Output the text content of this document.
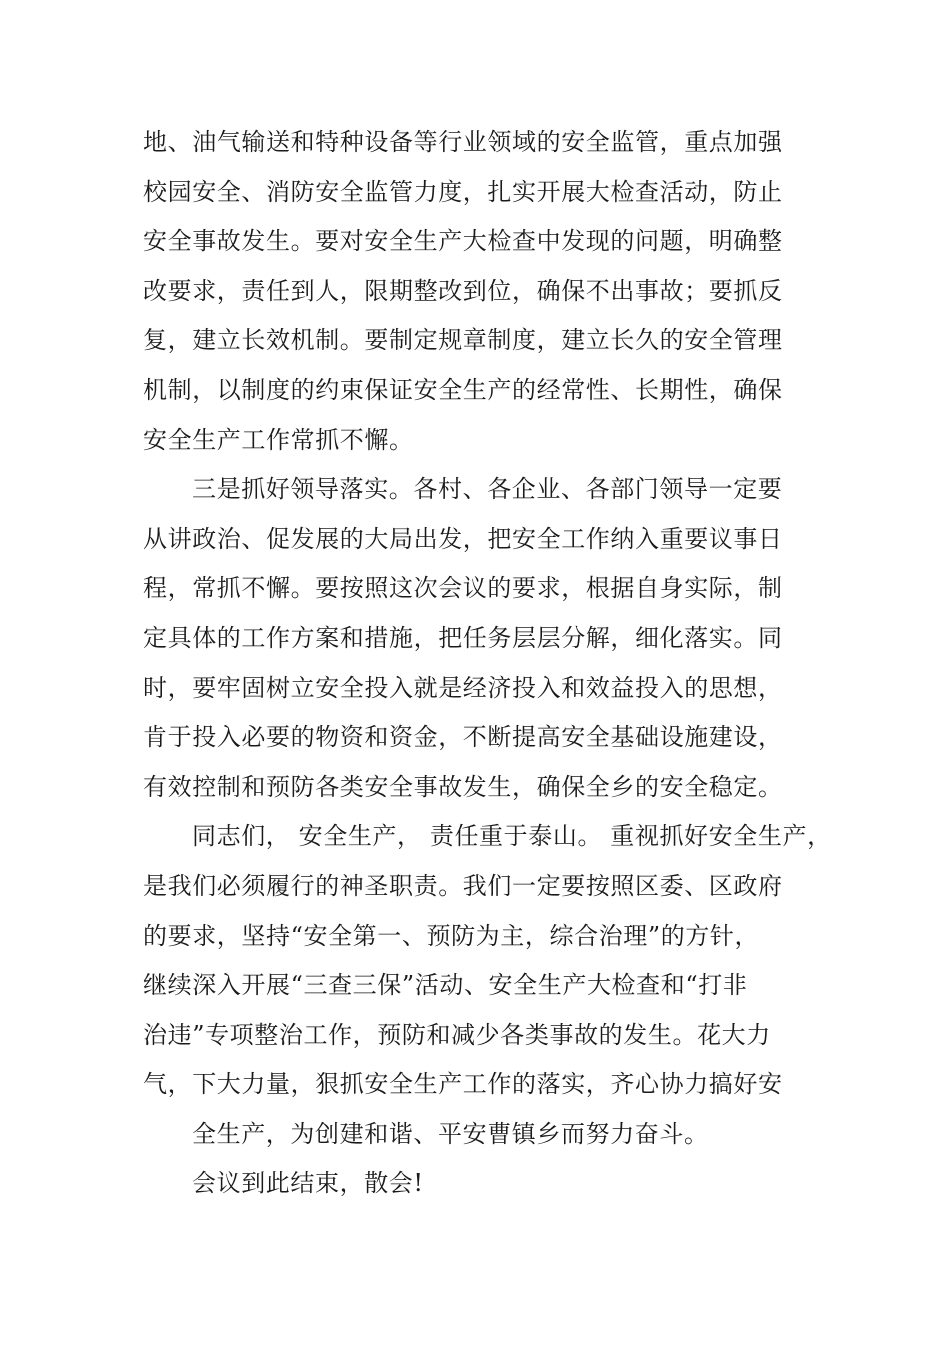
地、油气输送和特种设备等行业领域的安全监管，重点加强
校园安全、消防安全监管力度，扎实开展大检查活动，防止
安全事故发生。要对安全生产大检查中发现的问题，明确整
改要求，责任到人，限期整改到位，确保不出事故；要抓反
复，建立长效机制。要制定规章制度，建立长久的安全管理
机制，以制度的约束保证安全生产的经常性、长期性，确保
安全生产工作常抓不懈。
三是抓好领导落实。各村、各企业、各部门领导一定要
从讲政治、促发展的大局出发，把安全工作纳入重要议事日
程，常抓不懈。要按照这次会议的要求，根据自身实际，制
定具体的工作方案和措施，把任务层层分解，细化落实。同
时，要牢固树立安全投入就是经济投入和效益投入的思想，
肯于投入必要的物资和资金，不断提高安全基础设施建设，
有效控制和预防各类安全事故发生，确保全乡的安全稳定。
同志们， 安全生产， 责任重于泰山。 重视抓好安全生产，
是我们必须履行的神圣职责。我们一定要按照区委、区政府
的要求，坚持“安全第一、预防为主，综合治理”的方针，
继续深入开展“三查三保”活动、安全生产大检查和“打非
治违”专项整治工作，预防和减少各类事故的发生。花大力
气，下大力量，狠抓安全生产工作的落实，齐心协力搞好安
全生产，为创建和谐、平安曹镇乡而努力奋斗。
会议到此结束，散会!
